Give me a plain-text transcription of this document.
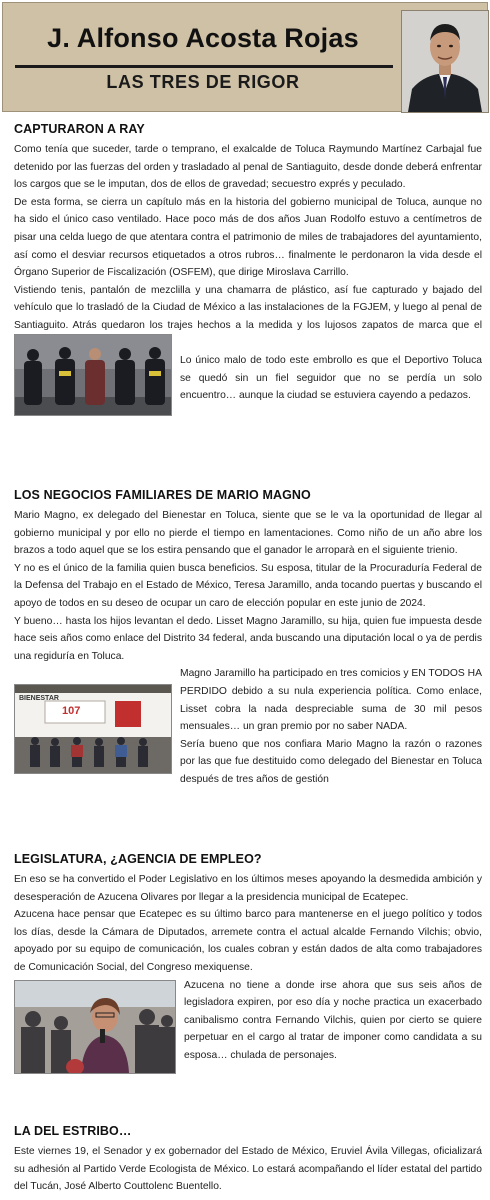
J. Alfonso Acosta Rojas
LAS TRES DE RIGOR
CAPTURARON A RAY

Como tenía que suceder, tarde o temprano, el exalcalde de Toluca Raymundo Martínez Carbajal fue detenido por las fuerzas del orden y trasladado al penal de Santiaguito, desde donde deberá enfrentar los cargos que se le imputan, dos de ellos de gravedad; secuestro exprés y peculado.

De esta forma, se cierra un capítulo más en la historia del gobierno municipal de Toluca, aunque no ha sido el único caso ventilado. Hace poco más de dos años Juan Rodolfo estuvo a centímetros de pisar una celda luego de que atentara contra el patrimonio de miles de trabajadores del ayuntamiento, así como el desviar recursos etiquetados a otros rubros… finalmente le perdonaron la vida desde el Órgano Superior de Fiscalización (OSFEM), que dirige Miroslava Carrillo.

Vistiendo tenis, pantalón de mezclilla y una chamarra de plástico, así fue capturado y bajado del vehículo que lo trasladó de la Ciudad de México a las instalaciones de la FGJEM, y luego al penal de Santiaguito. Atrás quedaron los trajes hechos a la medida y los lujosos zapatos de marca que el

Lo único malo de todo este embrollo es que el Deportivo Toluca se quedó sin un fiel seguidor que no se perdía un solo encuentro… aunque la ciudad se estuviera cayendo a pedazos.

LOS NEGOCIOS FAMILIARES DE MARIO MAGNO

Mario Magno, ex delegado del Bienestar en Toluca, siente que se le va la oportunidad de llegar al gobierno municipal y por ello no pierde el tiempo en lamentaciones. Como niño de un año abre los brazos a todo aquel que se los estira pensando que el ganador le arroparà en el siguiente trienio.

Y no es el único de la familia quien busca beneficios. Su esposa, titular de la Procuraduría Federal de la Defensa del Trabajo en el Estado de México, Teresa Jaramillo, anda tocando puertas y buscando el apoyo de todos en su deseo de ocupar un caro de elección popular en este junio de 2024.

Y bueno… hasta los hijos levantan el dedo. Lisset Magno Jaramillo, su hija, quien fue impuesta desde hace seis años como enlace del Distrito 34 federal, anda buscando una diputación local o ya de perdis una regiduría en Toluca.

BIENESTAR
107

Magno Jaramillo ha participado en tres comicios y EN TODOS HA PERDIDO debido a su nula experiencia política. Como enlace, Lisset cobra la nada despreciable suma de 30 mil pesos mensuales… un gran premio por no saber NADA.

Sería bueno que nos confiara Mario Magno la razón o razones por las que fue destituido como delegado del Bienestar en Toluca después de tres años de gestión

LEGISLATURA, ¿AGENCIA DE EMPLEO?

En eso se ha convertido el Poder Legislativo en los últimos meses apoyando la desmedida ambición y desesperación de Azucena Olivares por llegar a la presidencia municipal de Ecatepec.

Azucena hace pensar que Ecatepec es su último barco para mantenerse en el juego político y todos los días, desde la Cámara de Diputados, arremete contra el actual alcalde Fernando Vilchis; obvio, apoyado por su equipo de comunicación, los cuales cobran y están dados de alta como trabajadores de Comunicación Social, del Congreso mexiquense.

Azucena no tiene a donde irse ahora que sus seis años de legisladora expiren, por eso día y noche practica un exacerbado canibalismo contra Fernando Vilchis, quien por cierto se quiere perpetuar en el cargo al tratar de imponer como candidata a su esposa… chulada de personajes.

LA DEL ESTRIBO…

Este viernes 19, el Senador y ex gobernador del Estado de México, Eruviel Ávila Villegas, oficializará su adhesión al Partido Verde Ecologista de México. Lo estará acompañando el líder estatal del partido del Tucán, José Alberto Couttolenc Buentello.
